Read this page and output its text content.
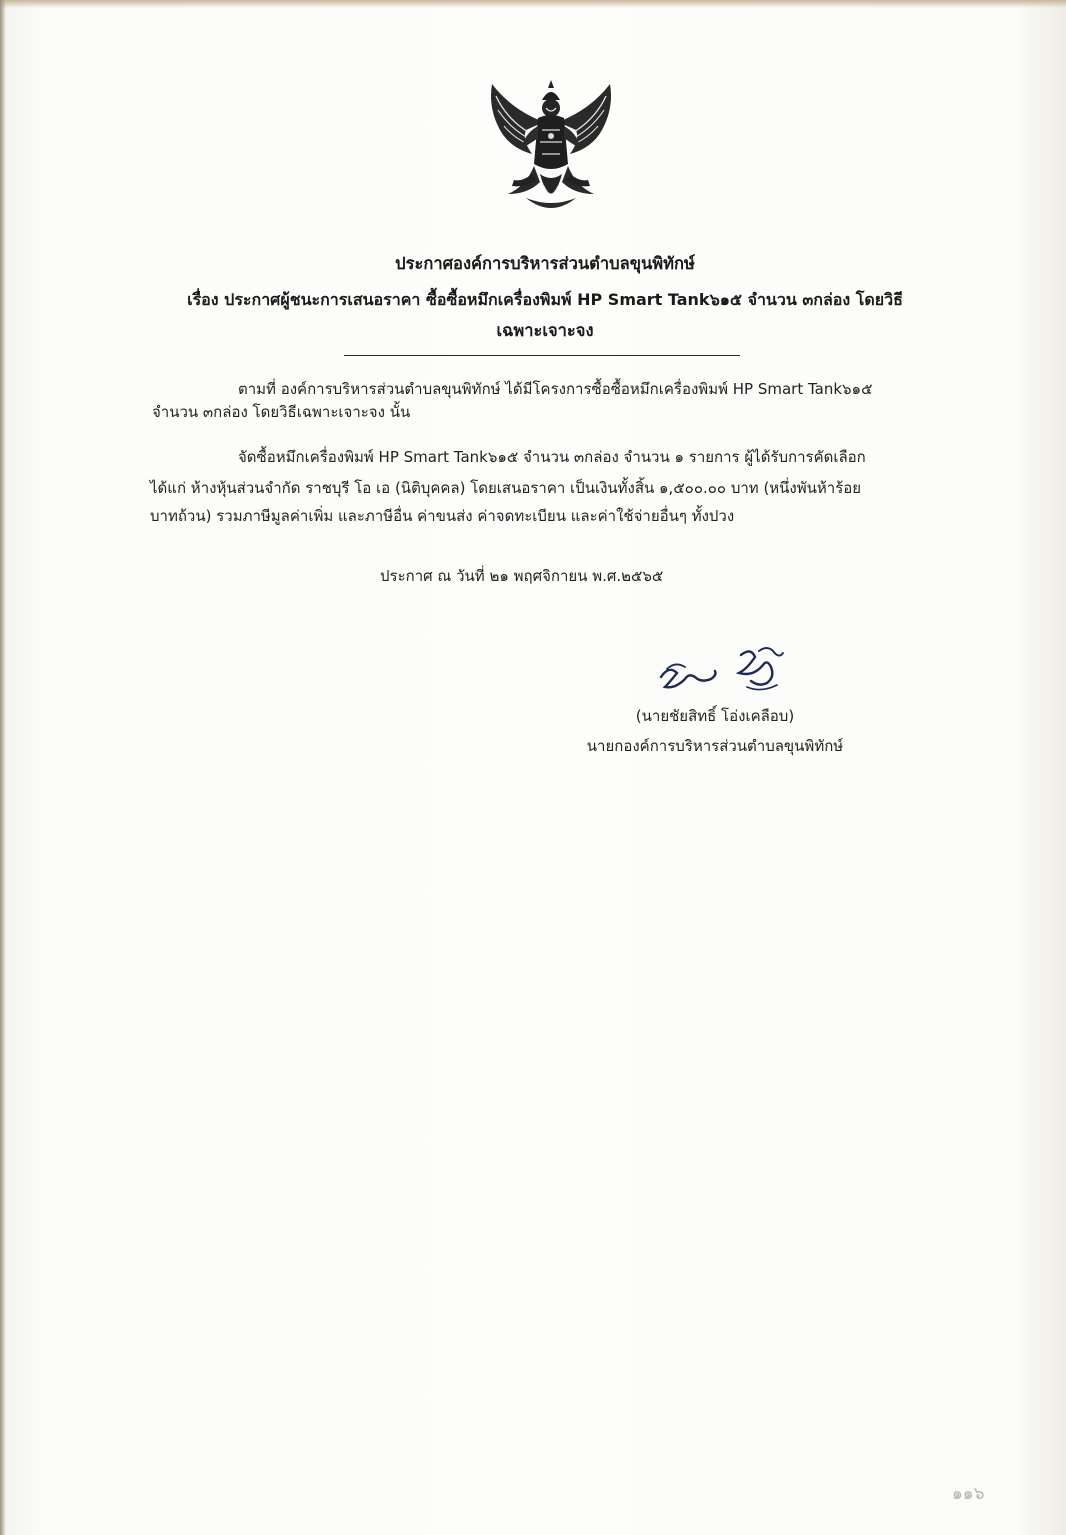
ประกาศองค์การบริหารส่วนตำบลขุนพิทักษ์
เรื่อง ประกาศผู้ชนะการเสนอราคา ซื้อซื้อหมึกเครื่องพิมพ์ HP Smart Tank๖๑๕ จำนวน ๓กล่อง โดยวิธี
เฉพาะเจาะจง
ตามที่ องค์การบริหารส่วนตำบลขุนพิทักษ์ ได้มีโครงการซื้อซื้อหมึกเครื่องพิมพ์ HP Smart Tank๖๑๕
จำนวน ๓กล่อง โดยวิธีเฉพาะเจาะจง นั้น
จัดซื้อหมึกเครื่องพิมพ์ HP Smart Tank๖๑๕ จำนวน ๓กล่อง จำนวน ๑ รายการ ผู้ได้รับการคัดเลือก
ได้แก่ ห้างหุ้นส่วนจำกัด ราชบุรี โอ เอ (นิติบุคคล) โดยเสนอราคา เป็นเงินทั้งสิ้น ๑,๕๐๐.๐๐ บาท (หนึ่งพันห้าร้อย
บาทถ้วน) รวมภาษีมูลค่าเพิ่ม และภาษีอื่น ค่าขนส่ง ค่าจดทะเบียน และค่าใช้จ่ายอื่นๆ ทั้งปวง
ประกาศ ณ วันที่ ๒๑ พฤศจิกายน พ.ศ.๒๕๖๕
(นายชัยสิทธิ์ โอ่งเคลือบ)
นายกองค์การบริหารส่วนตำบลขุนพิทักษ์
๑๑๖
